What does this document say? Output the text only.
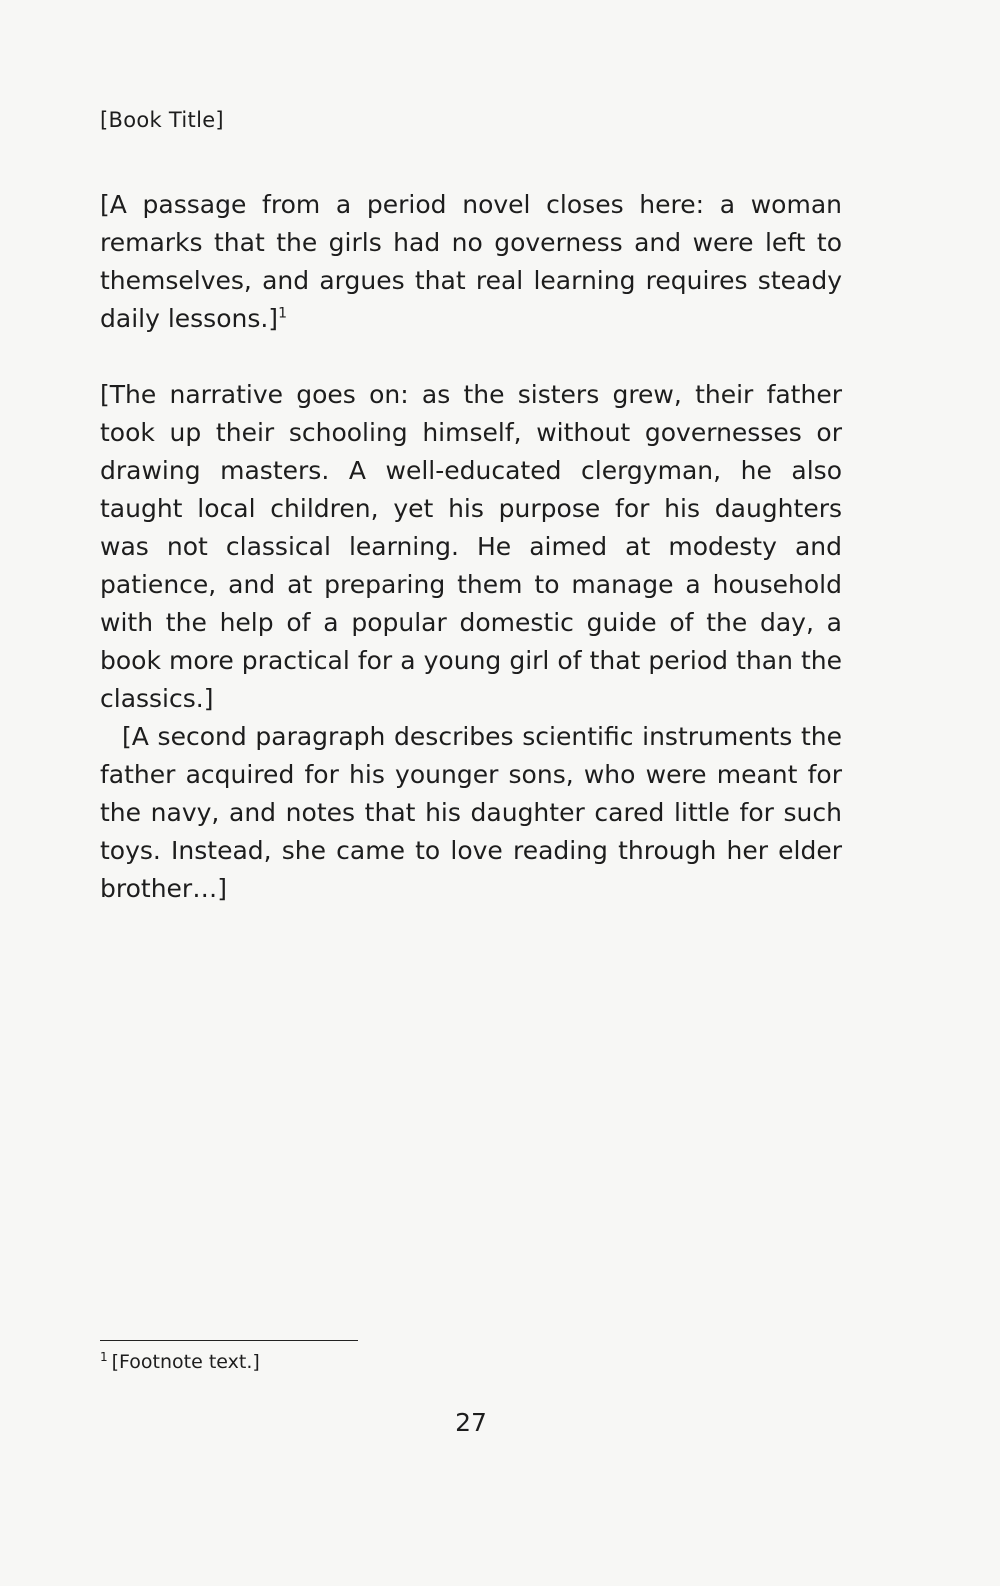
[Book Title]

[A passage from a period novel closes here: a woman remarks that the girls had no governess and were left to themselves, and argues that real learning requires steady daily lessons.]$^1$

[The narrative goes on: as the sisters grew, their father took up their schooling himself, without governesses or drawing masters. A well-educated clergyman, he also taught local children, yet his purpose for his daughters was not classical learning. He aimed at modesty and patience, and at preparing them to manage a household with the help of a popular domestic guide of the day, a book more practical for a young girl of that period than the classics.]

[A second paragraph describes scientific instruments the father acquired for his younger sons, who were meant for the navy, and notes that his daughter cared little for such toys. Instead, she came to love reading through her elder brother…]

$^1$ [Footnote text.]
27
